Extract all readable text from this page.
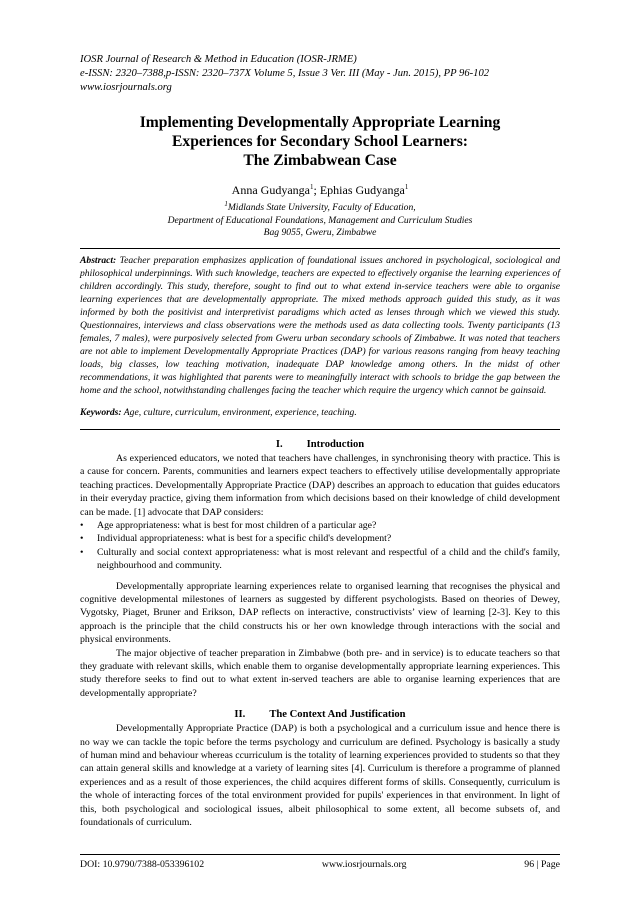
IOSR Journal of Research & Method in Education (IOSR-JRME)

e-ISSN: 2320–7388,p-ISSN: 2320–737X Volume 5, Issue 3 Ver. III (May - Jun. 2015), PP 96-102

www.iosrjournals.org

Implementing Developmentally Appropriate Learning
Experiences for Secondary School Learners:
The Zimbabwean Case
Anna Gudyanga$^1$; Ephias Gudyanga$^1$
$^1$Midlands State University, Faculty of Education,
Department of Educational Foundations, Management and Curriculum Studies
Bag 9055, Gweru, Zimbabwe

Abstract: Teacher preparation emphasizes application of foundational issues anchored in psychological, sociological and philosophical underpinnings. With such knowledge, teachers are expected to effectively organise the learning experiences of children accordingly. This study, therefore, sought to find out to what extend in-service teachers were able to organise learning experiences that are developmentally appropriate. The mixed methods approach guided this study, as it was informed by both the positivist and interpretivist paradigms which acted as lenses through which we viewed this study. Questionnaires, interviews and class observations were the methods used as data collecting tools. Twenty participants (13 females, 7 males), were purposively selected from Gweru urban secondary schools of Zimbabwe. It was noted that teachers are not able to implement Developmentally Appropriate Practices (DAP) for various reasons ranging from heavy teaching loads, big classes, low teaching motivation, inadequate DAP knowledge among others. In the midst of other recommendations, it was highlighted that parents were to meaningfully interact with schools to bridge the gap between the home and the school, notwithstanding challenges facing the teacher which require the urgency which cannot be gainsaid.

Keywords: Age, culture, curriculum, environment, experience, teaching.

I. Introduction

As experienced educators, we noted that teachers have challenges, in synchronising theory with practice. This is a cause for concern. Parents, communities and learners expect teachers to effectively utilise developmentally appropriate teaching practices. Developmentally Appropriate Practice (DAP) describes an approach to education that guides educators in their everyday practice, giving them information from which decisions based on their knowledge of child development can be made. [1] advocate that DAP considers:

• Age appropriateness: what is best for most children of a particular age?
• Individual appropriateness: what is best for a specific child's development?
• Culturally and social context appropriateness: what is most relevant and respectful of a child and the child's family, neighbourhood and community.

Developmentally appropriate learning experiences relate to organised learning that recognises the physical and cognitive developmental milestones of learners as suggested by different psychologists. Based on theories of Dewey, Vygotsky, Piaget, Bruner and Erikson, DAP reflects on interactive, constructivists’ view of learning [2-3]. Key to this approach is the principle that the child constructs his or her own knowledge through interactions with the social and physical environments.

The major objective of teacher preparation in Zimbabwe (both pre- and in service) is to educate teachers so that they graduate with relevant skills, which enable them to organise developmentally appropriate learning experiences. This study therefore seeks to find out to what extent in-served teachers are able to organise learning experiences that are developmentally appropriate?

II. The Context And Justification

Developmentally Appropriate Practice (DAP) is both a psychological and a curriculum issue and hence there is no way we can tackle the topic before the terms psychology and curriculum are defined. Psychology is basically a study of human mind and behaviour whereas ccurriculum is the totality of learning experiences provided to students so that they can attain general skills and knowledge at a variety of learning sites [4]. Curriculum is therefore a programme of planned experiences and as a result of those experiences, the child acquires different forms of skills. Consequently, curriculum is the whole of interacting forces of the total environment provided for pupils' experiences in that environment. In light of this, both psychological and sociological issues, albeit philosophical to some extent, all become subsets of, and foundationals of curriculum.

DOI: 10.9790/7388-053396102	www.iosrjournals.org	96 | Page
